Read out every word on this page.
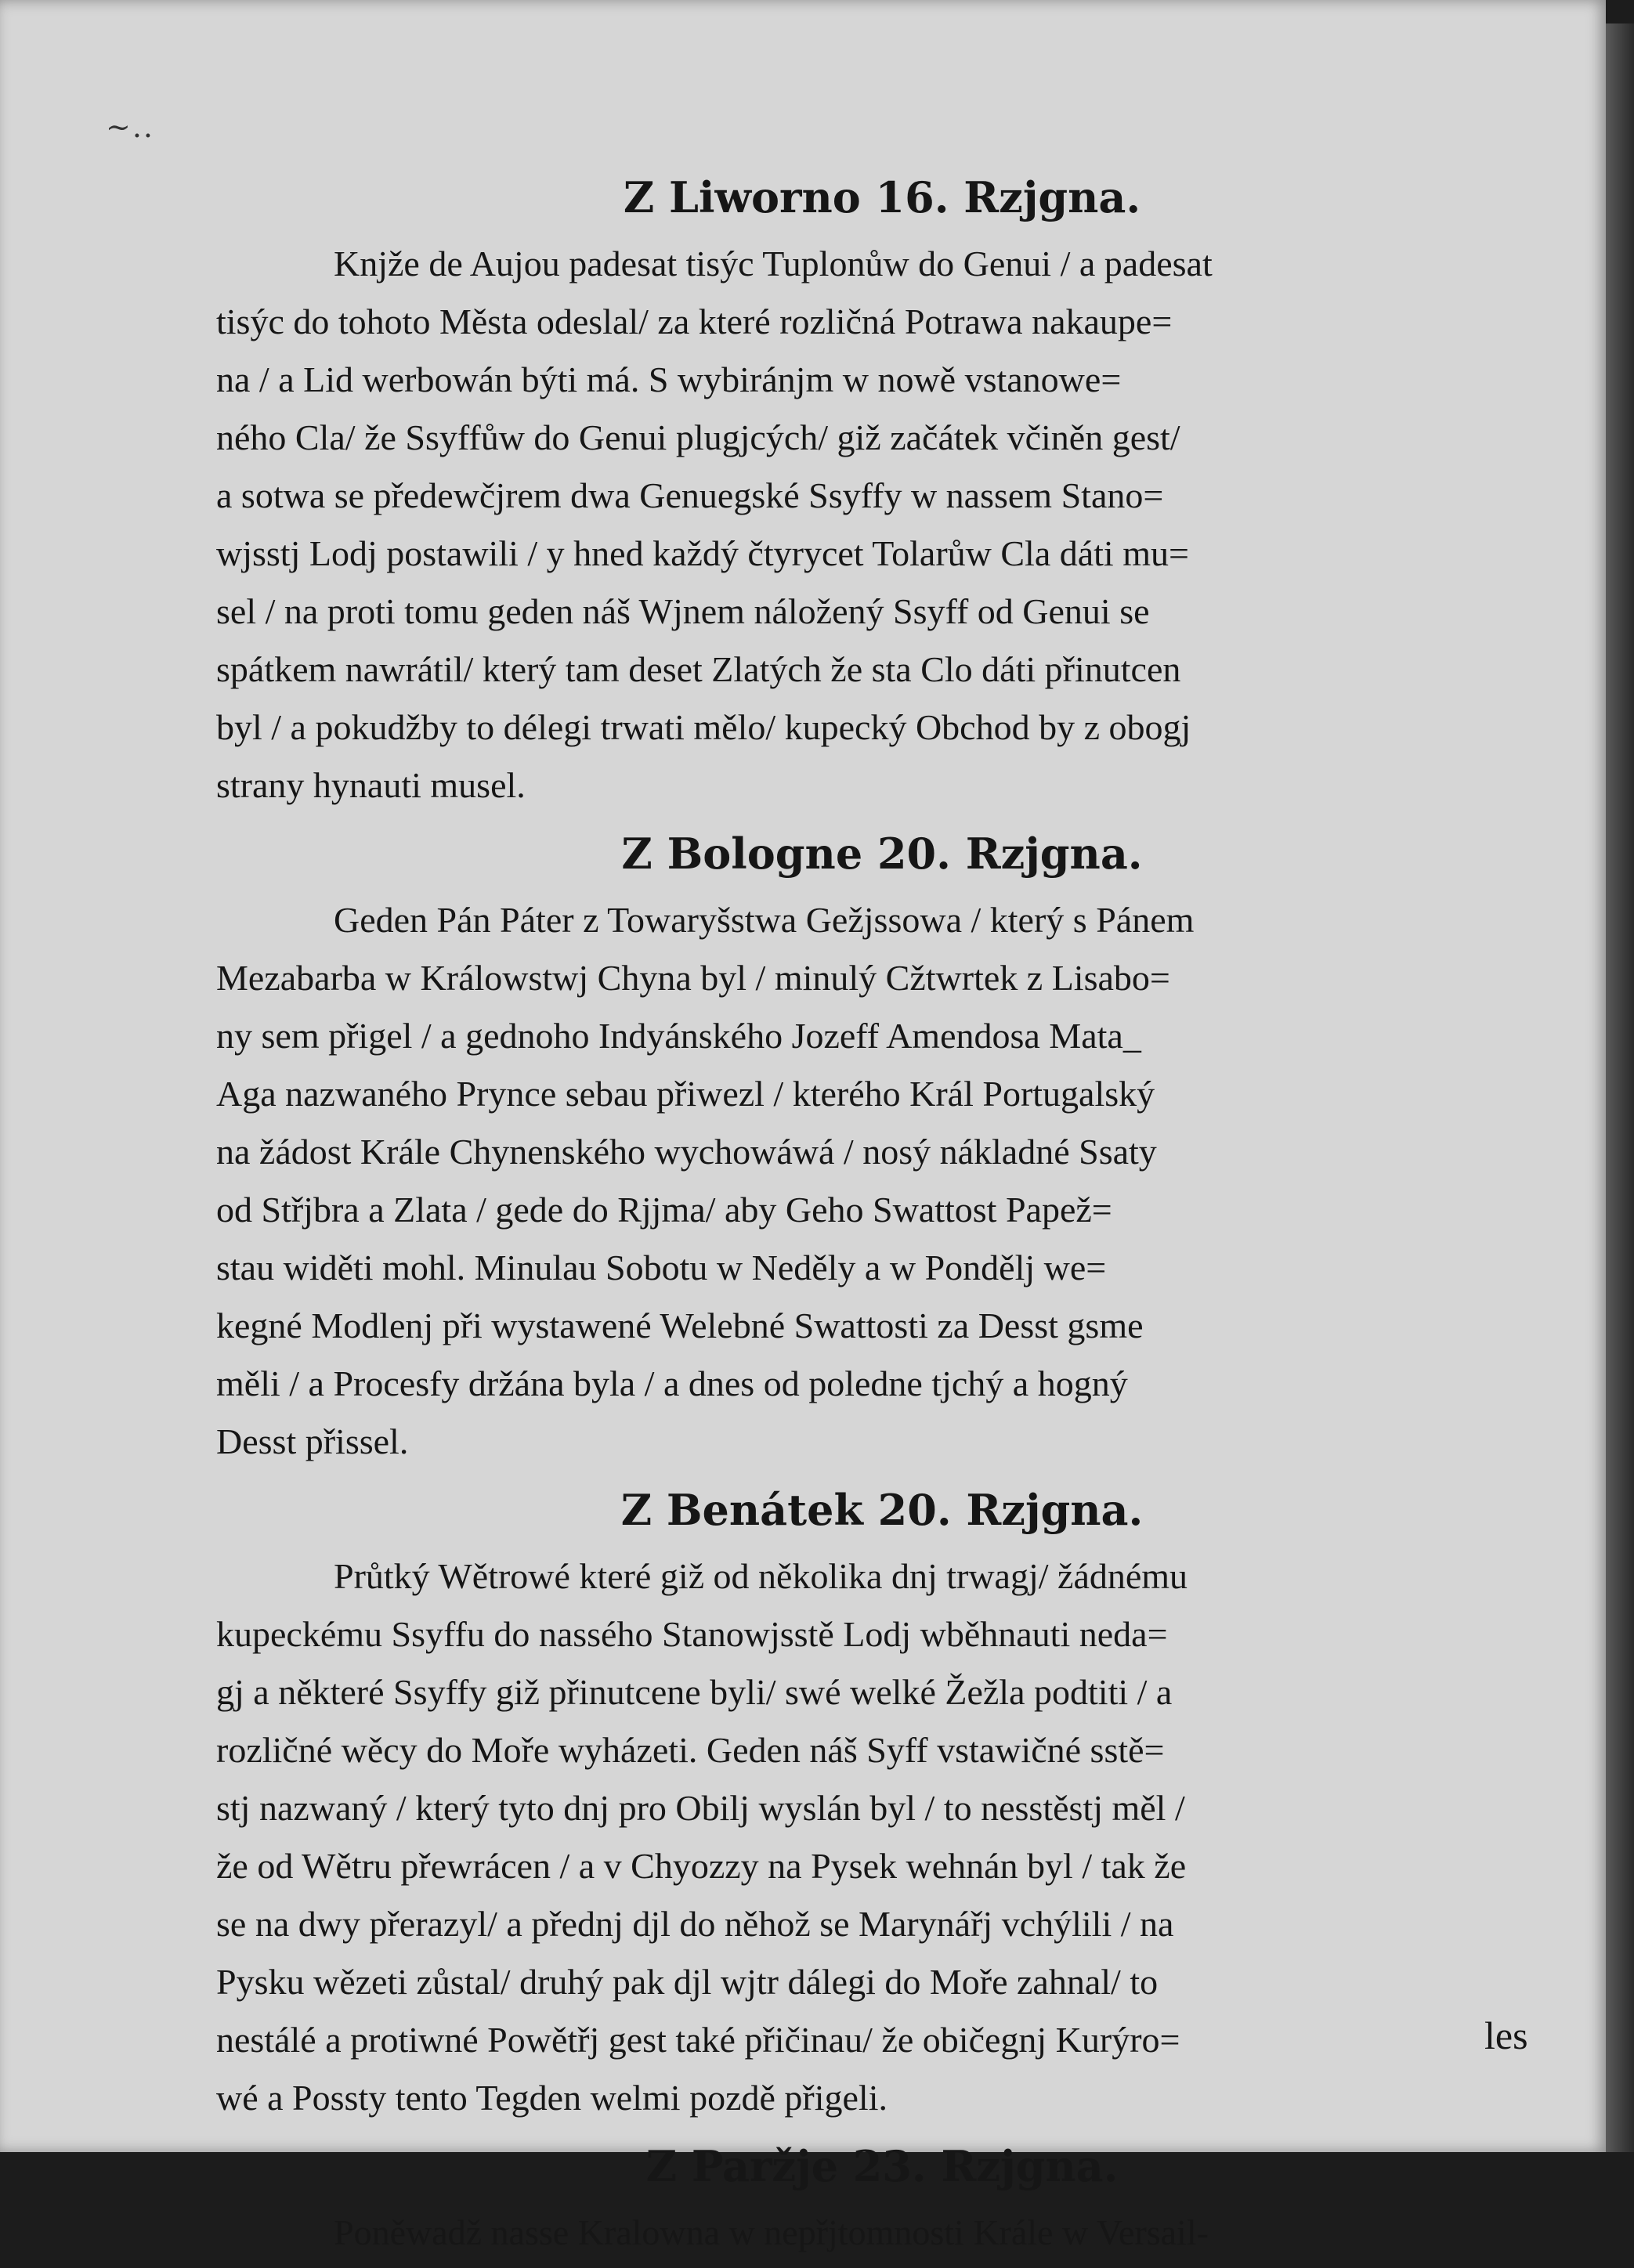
~..
Z Liworno 16. Rzjgna.
Knjže de Aujou padesat tisýc Tuplonůw do Genui / a padesat
tisýc do tohoto Města odeslal/ za které rozličná Potrawa nakaupe=
na / a Lid werbowán býti má. S wybiránjm w nowě vstanowe=
ného Cla/ že Ssyffůw do Genui plugjcých/ giž začátek včiněn gest/
a sotwa se předewčjrem dwa Genuegské Ssyffy w nassem Stano=
wjsstj Lodj postawili / y hned každý čtyrycet Tolarůw Cla dáti mu=
sel / na proti tomu geden náš Wjnem náložený Ssyff od Genui se
spátkem nawrátil/ který tam deset Zlatých že sta Clo dáti přinutcen
byl / a pokudžby to délegi trwati mělo/ kupecký Obchod by z obogj
strany hynauti musel.
Z Bologne 20. Rzjgna.
Geden Pán Páter z Towaryšstwa Gežjssowa / který s Pánem
Mezabarba w Králowstwj Chyna byl / minulý Cžtwrtek z Lisabo=
ny sem přigel / a gednoho Indyánského Jozeff Amendosa Mata_
Aga nazwaného Prynce sebau přiwezl / kterého Král Portugalský
na žádost Krále Chynenského wychowáwá / nosý nákladné Ssaty
od Střjbra a Zlata / gede do Rjjma/ aby Geho Swattost Papež=
stau widěti mohl. Minulau Sobotu w Neděly a w Pondělj we=
kegné Modlenj při wystawené Welebné Swattosti za Desst gsme
měli / a Procesfy držána byla / a dnes od poledne tjchý a hogný
Desst přissel.
Z Benátek 20. Rzjgna.
Průtký Wětrowé které giž od několika dnj trwagj/ žádnému
kupeckému Ssyffu do nassého Stanowjsstě Lodj wběhnauti neda=
gj a některé Ssyffy giž přinutcene byli/ swé welké Žežla podtiti / a
rozličné wěcy do Moře wyházeti. Geden náš Syff vstawičné sstě=
stj nazwaný / který tyto dnj pro Obilj wyslán byl / to nesstěstj měl /
že od Wětru přewrácen / a v Chyozzy na Pysek wehnán byl / tak že
se na dwy přerazyl/ a přednj djl do něhož se Marynářj vchýlili / na
Pysku wězeti zůstal/ druhý pak djl wjtr dálegi do Moře zahnal/ to
nestálé a protiwné Powětřj gest také přičinau/ že običegnj Kurýro=
wé a Possty tento Tegden welmi pozdě přigeli.
Z Paržje 23. Rzjgna.
Poněwadž nasse Kralowna w nepřjtomnosti Krále w Versail-
les
